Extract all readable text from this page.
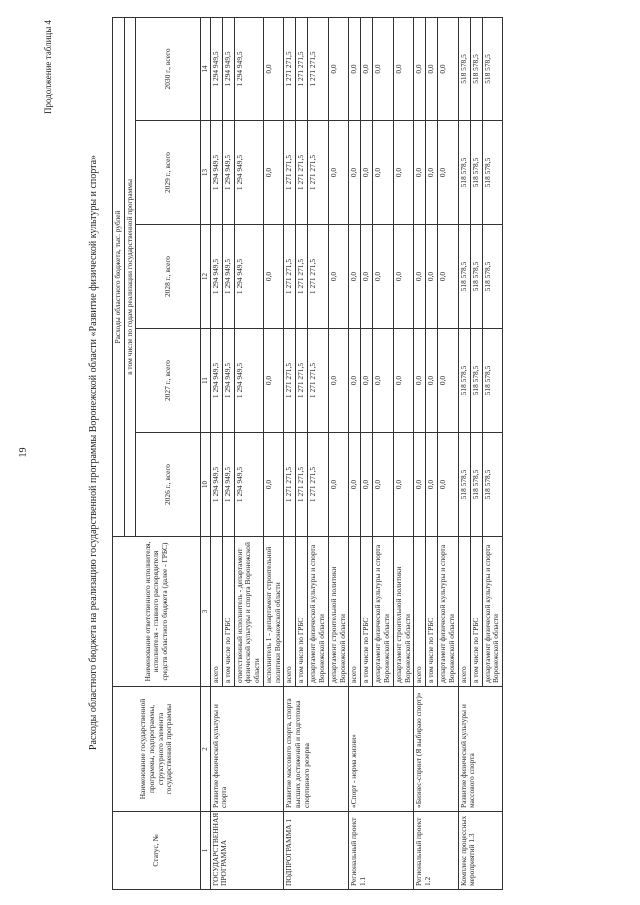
19
Продолжение таблицы 4
Расходы областного бюджета на реализацию государственной программы Воронежской области «Развитие физической культуры и спорта»
Статус, №	Наименование государственной программы, подпрограммы, структурного элемента государственной программы	Наименование ответственного исполнителя, исполнителя - главного распорядителя средств областного бюджета (далее - ГРБС)	Расходы областного бюджета, тыс. рублей				
			в том числе по годам реализации государственной программы				
			2026 г., всего	2027 г., всего	2028 г., всего	2029 г., всего	2030 г., всего
1	2	3	10	11	12	13	14
ГОСУДАРСТВЕННАЯ ПРОГРАММА	Развитие физической культуры и спорта	всего	1 294 949,5	1 294 949,5	1 294 949,5	1 294 949,5	1 294 949,5
		в том числе по ГРБС	1 294 949,5	1 294 949,5	1 294 949,5	1 294 949,5	1 294 949,5
		ответственный исполнитель - департамент физической культуры и спорта Воронежской области	1 294 949,5	1 294 949,5	1 294 949,5	1 294 949,5	1 294 949,5
		исполнитель 1 - департамент строительной политики Воронежской области	0,0	0,0	0,0	0,0	0,0
ПОДПРОГРАММА 1	Развитие массового спорта, спорта высших достижений и подготовка спортивного резерва	всего	1 271 271,5	1 271 271,5	1 271 271,5	1 271 271,5	1 271 271,5
		в том числе по ГРБС	1 271 271,5	1 271 271,5	1 271 271,5	1 271 271,5	1 271 271,5
		департамент физической культуры и спорта Воронежской области	1 271 271,5	1 271 271,5	1 271 271,5	1 271 271,5	1 271 271,5
		департамент строительной политики Воронежской области	0,0	0,0	0,0	0,0	0,0
Региональный проект 1.1	«Спорт - норма жизни»	всего	0,0	0,0	0,0	0,0	0,0
		в том числе по ГРБС	0,0	0,0	0,0	0,0	0,0
		департамент физической культуры и спорта Воронежской области	0,0	0,0	0,0	0,0	0,0
		департамент строительной политики Воронежской области	0,0	0,0	0,0	0,0	0,0
Региональный проект 1.2	«Бизнес-спринт (Я выбираю спорт)»	всего	0,0	0,0	0,0	0,0	0,0
		в том числе по ГРБС	0,0	0,0	0,0	0,0	0,0
		департамент физической культуры и спорта Воронежской области	0,0	0,0	0,0	0,0	0,0
Комплекс процессных мероприятий 1.3	Развитие физической культуры и массового спорта	всего	518 578,5	518 578,5	518 578,5	518 578,5	518 578,5
		в том числе по ГРБС	518 578,5	518 578,5	518 578,5	518 578,5	518 578,5
		департамент физической культуры и спорта Воронежской области	518 578,5	518 578,5	518 578,5	518 578,5	518 578,5
